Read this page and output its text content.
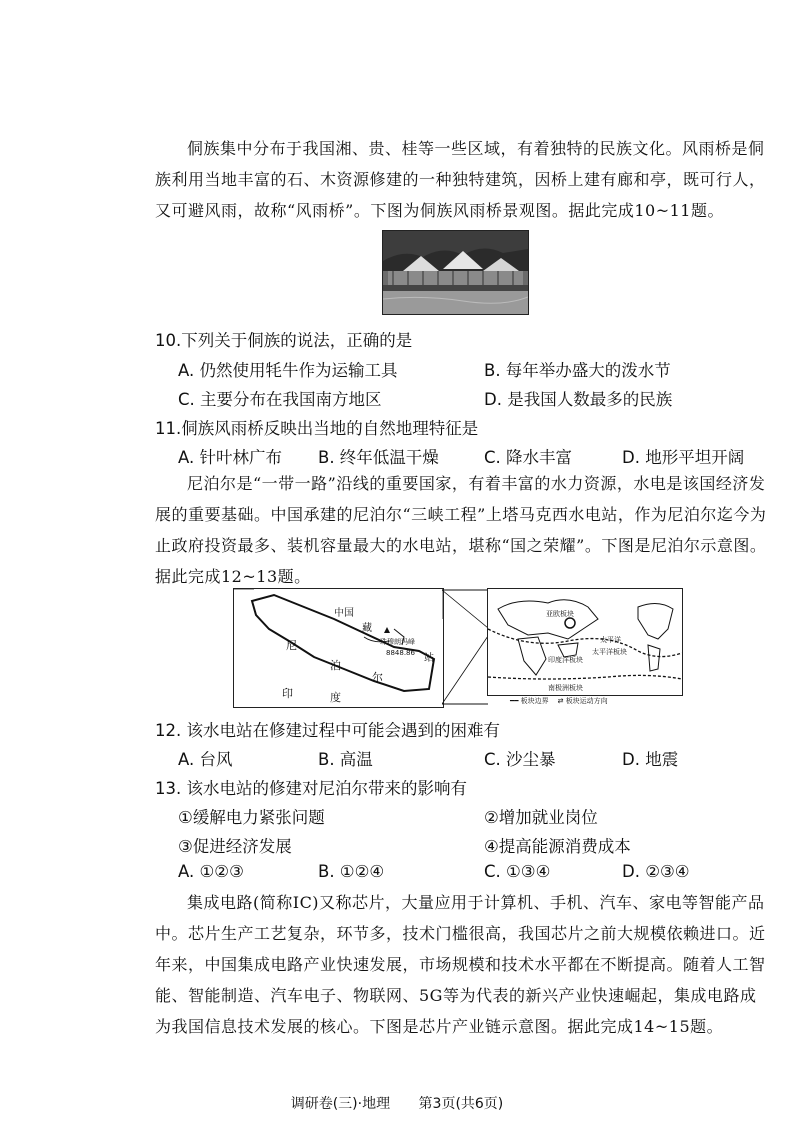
侗族集中分布于我国湘、贵、桂等一些区域，有着独特的民族文化。风雨桥是侗族利用当地丰富的石、木资源修建的一种独特建筑，因桥上建有廊和亭，既可行人，又可避风雨，故称“风雨桥”。下图为侗族风雨桥景观图。据此完成10~11题。
10.下列关于侗族的说法，正确的是
A. 仍然使用牦牛作为运输工具	B. 每年举办盛大的泼水节
C. 主要分布在我国南方地区	D. 是我国人数最多的民族
11.侗族风雨桥反映出当地的自然地理特征是
A. 针叶林广布 B. 终年低温干燥	C. 降水丰富	D. 地形平坦开阔
尼泊尔是“一带一路”沿线的重要国家，有着丰富的水力资源，水电是该国经济发展的重要基础。中国承建的尼泊尔“三峡工程”上塔马克西水电站，作为尼泊尔迄今为止政府投资最多、装机容量最大的水电站，堪称“国之荣耀”。下图是尼泊尔示意图。据此完成12~13题。
中国
尼
泊
尔
印	度
珠穆朗玛峰
8848.86 站
藏
太平洋
太平洋板块
亚欧板块
印度洋板块
南极洲板块
━━ 板块边界 ⇄ 板块运动方向
12. 该水电站在修建过程中可能会遇到的困难有
A. 台风	B. 高温	C. 沙尘暴	D. 地震
13. 该水电站的修建对尼泊尔带来的影响有
①缓解电力紧张问题	②增加就业岗位
③促进经济发展	④提高能源消费成本
A. ①②③	B. ①②④	C. ①③④	D. ②③④
集成电路(简称IC)又称芯片，大量应用于计算机、手机、汽车、家电等智能产品中。芯片生产工艺复杂，环节多，技术门槛很高，我国芯片之前大规模依赖进口。近年来，中国集成电路产业快速发展，市场规模和技术水平都在不断提高。随着人工智能、智能制造、汽车电子、物联网、5G等为代表的新兴产业快速崛起，集成电路成为我国信息技术发展的核心。下图是芯片产业链示意图。据此完成14~15题。
调研卷(三)·地理 第3页(共6页)
